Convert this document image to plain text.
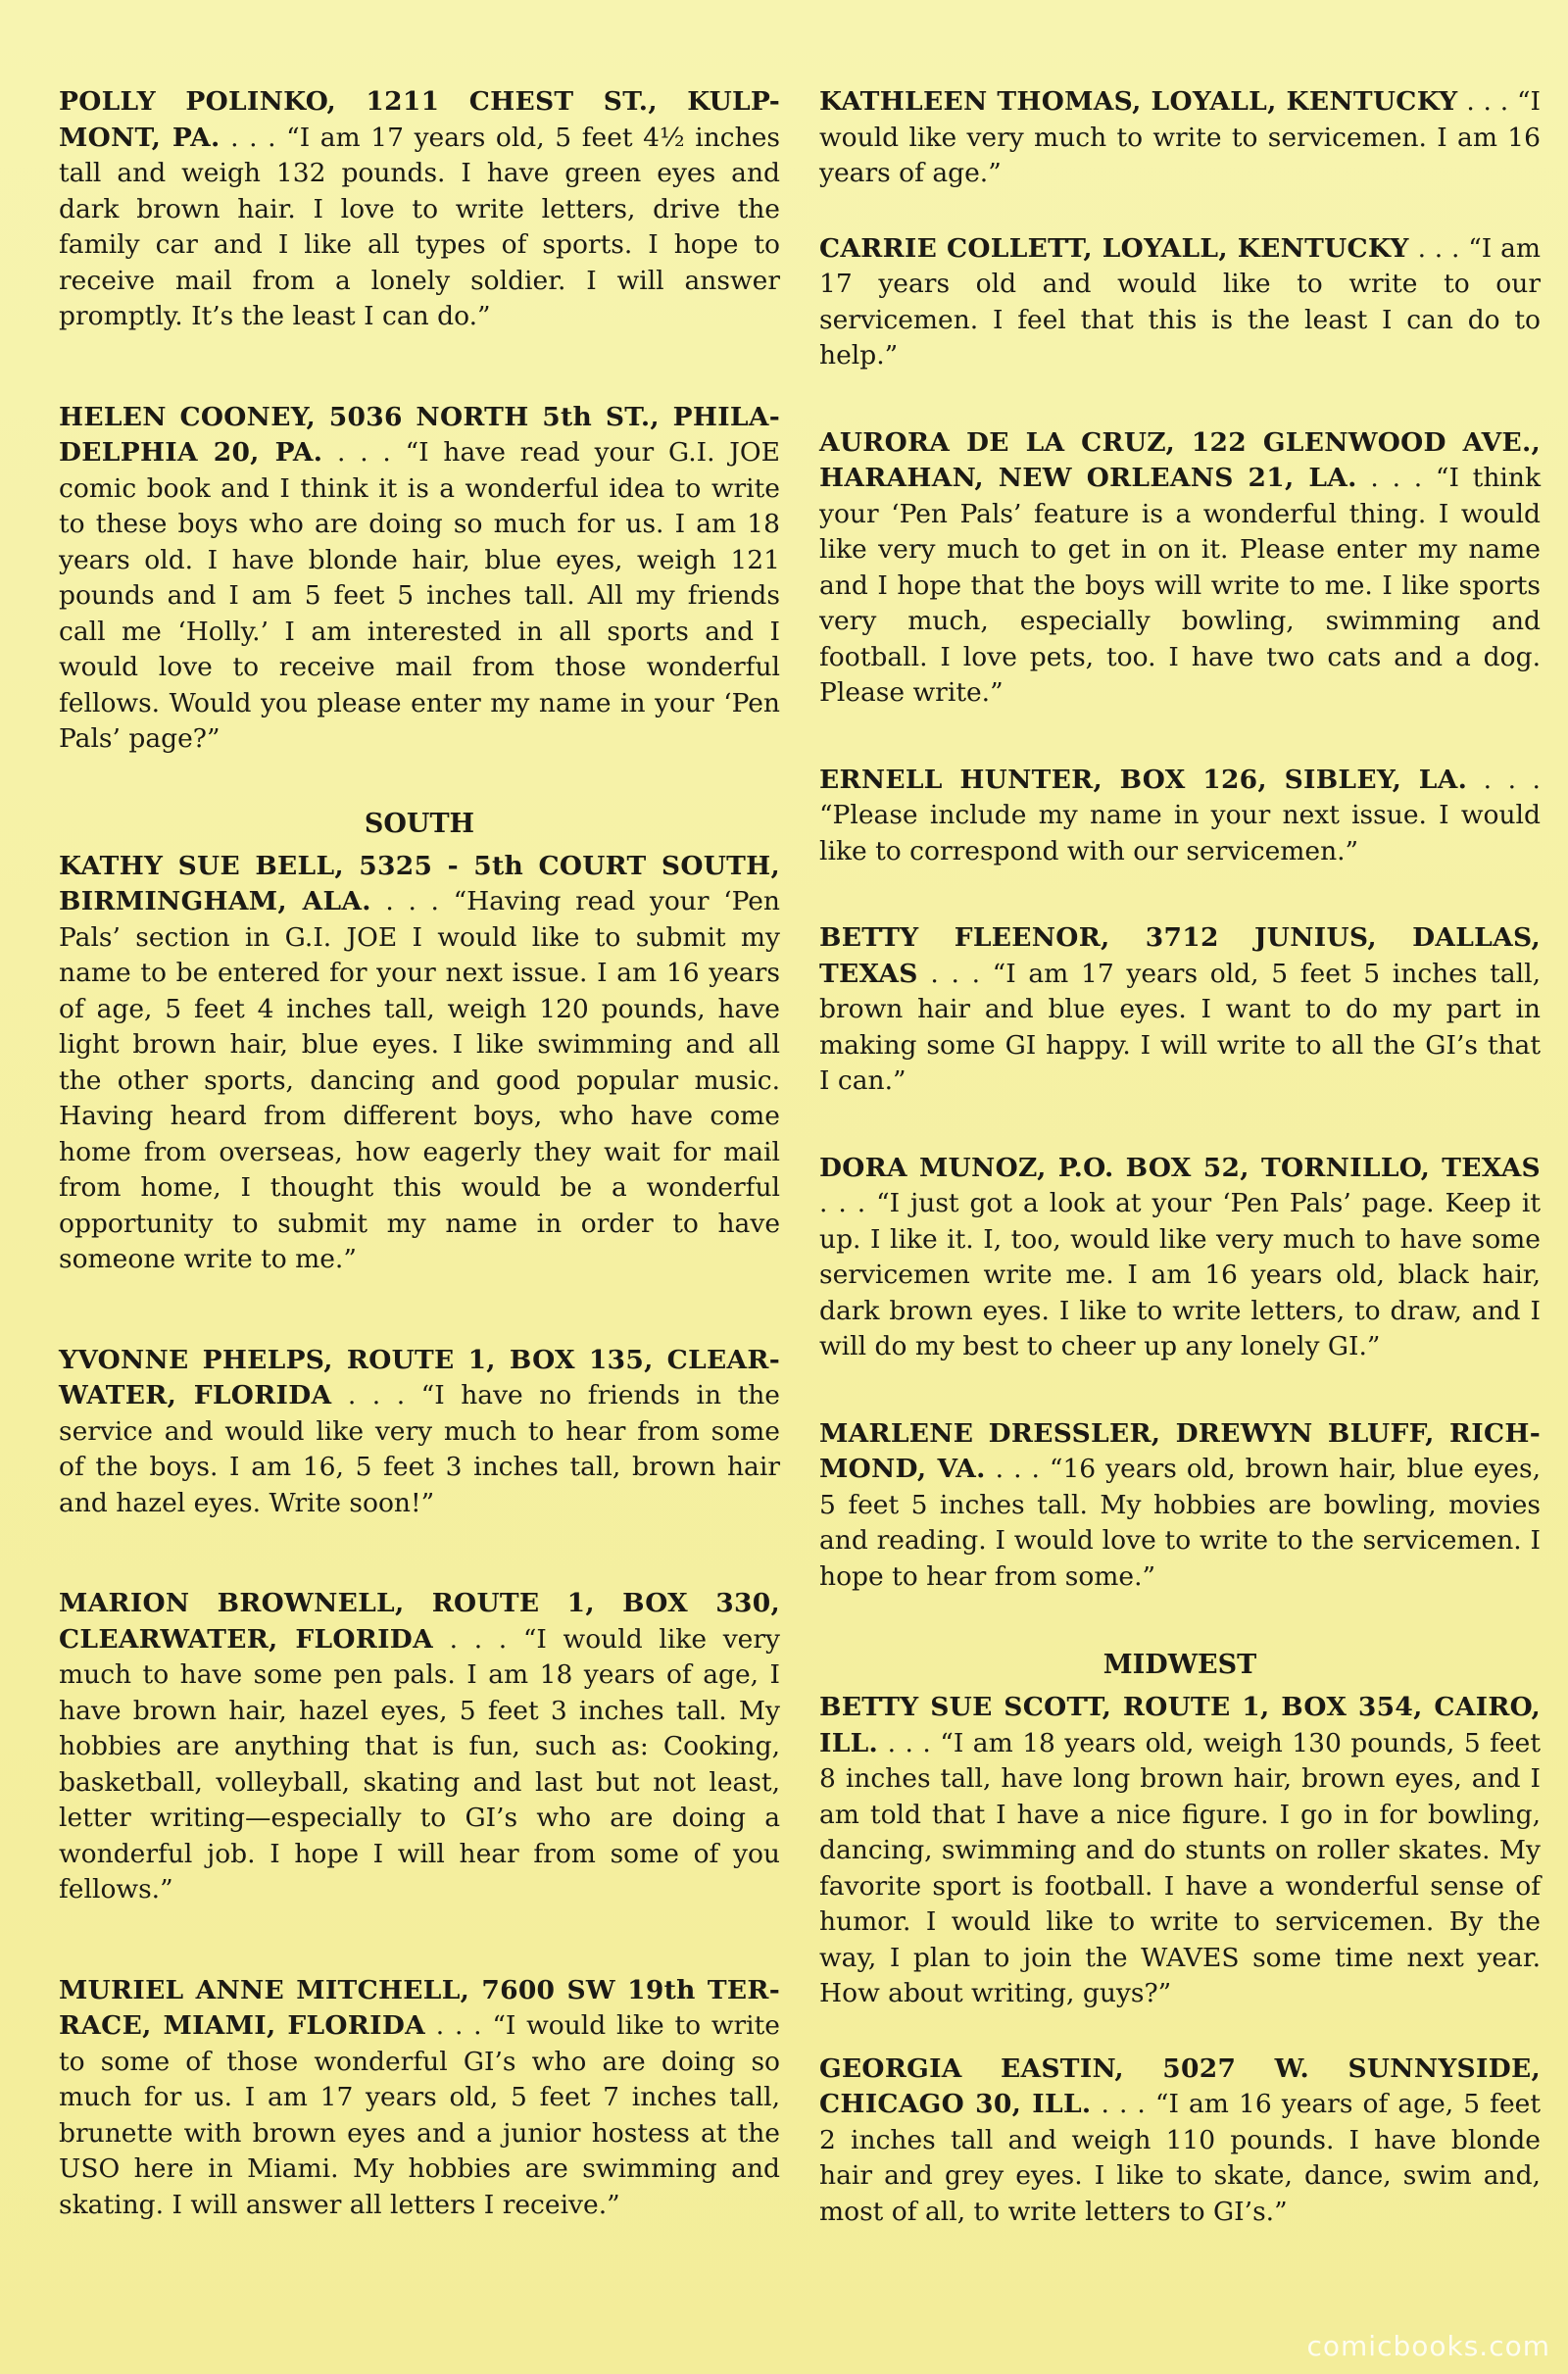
POLLY POLINKO, 1211 CHEST ST., KULP-MONT, PA. . . . “I am 17 years old, 5 feet 4½ inches tall and weigh 132 pounds. I have green eyes and dark brown hair. I love to write letters, drive the family car and I like all types of sports. I hope to receive mail from a lonely soldier. I will answer promptly. It’s the least I can do.”

HELEN COONEY, 5036 NORTH 5th ST., PHILA-DELPHIA 20, PA. . . . “I have read your G.I. JOE comic book and I think it is a wonderful idea to write to these boys who are doing so much for us. I am 18 years old. I have blonde hair, blue eyes, weigh 121 pounds and I am 5 feet 5 inches tall. All my friends call me ‘Holly.’ I am interested in all sports and I would love to receive mail from those wonderful fellows. Would you please enter my name in your ‘Pen Pals’ page?”

SOUTH

KATHY SUE BELL, 5325 - 5th COURT SOUTH, BIRMINGHAM, ALA. . . . “Having read your ‘Pen Pals’ section in G.I. JOE I would like to submit my name to be entered for your next issue. I am 16 years of age, 5 feet 4 inches tall, weigh 120 pounds, have light brown hair, blue eyes. I like swimming and all the other sports, dancing and good popular music. Having heard from different boys, who have come home from overseas, how eagerly they wait for mail from home, I thought this would be a wonderful opportunity to submit my name in order to have someone write to me.”

YVONNE PHELPS, ROUTE 1, BOX 135, CLEAR-WATER, FLORIDA . . . “I have no friends in the service and would like very much to hear from some of the boys. I am 16, 5 feet 3 inches tall, brown hair and hazel eyes. Write soon!”

MARION BROWNELL, ROUTE 1, BOX 330, CLEARWATER, FLORIDA . . . “I would like very much to have some pen pals. I am 18 years of age, I have brown hair, hazel eyes, 5 feet 3 inches tall. My hobbies are anything that is fun, such as: Cooking, basketball, volleyball, skating and last but not least, letter writing—especially to GI’s who are doing a wonderful job. I hope I will hear from some of you fellows.”

MURIEL ANNE MITCHELL, 7600 SW 19th TER-RACE, MIAMI, FLORIDA . . . “I would like to write to some of those wonderful GI’s who are doing so much for us. I am 17 years old, 5 feet 7 inches tall, brunette with brown eyes and a junior hostess at the USO here in Miami. My hobbies are swimming and skating. I will answer all letters I receive.”

KATHLEEN THOMAS, LOYALL, KENTUCKY . . . “I would like very much to write to servicemen. I am 16 years of age.”

CARRIE COLLETT, LOYALL, KENTUCKY . . . “I am 17 years old and would like to write to our servicemen. I feel that this is the least I can do to help.”

AURORA DE LA CRUZ, 122 GLENWOOD AVE., HARAHAN, NEW ORLEANS 21, LA. . . . “I think your ‘Pen Pals’ feature is a wonderful thing. I would like very much to get in on it. Please enter my name and I hope that the boys will write to me. I like sports very much, especially bowling, swimming and football. I love pets, too. I have two cats and a dog. Please write.”

ERNELL HUNTER, BOX 126, SIBLEY, LA. . . . “Please include my name in your next issue. I would like to correspond with our servicemen.”

BETTY FLEENOR, 3712 JUNIUS, DALLAS, TEXAS . . . “I am 17 years old, 5 feet 5 inches tall, brown hair and blue eyes. I want to do my part in making some GI happy. I will write to all the GI’s that I can.”

DORA MUNOZ, P.O. BOX 52, TORNILLO, TEXAS . . . “I just got a look at your ‘Pen Pals’ page. Keep it up. I like it. I, too, would like very much to have some servicemen write me. I am 16 years old, black hair, dark brown eyes. I like to write letters, to draw, and I will do my best to cheer up any lonely GI.”

MARLENE DRESSLER, DREWYN BLUFF, RICH-MOND, VA. . . . “16 years old, brown hair, blue eyes, 5 feet 5 inches tall. My hobbies are bowling, movies and reading. I would love to write to the servicemen. I hope to hear from some.”

MIDWEST

BETTY SUE SCOTT, ROUTE 1, BOX 354, CAIRO, ILL. . . . “I am 18 years old, weigh 130 pounds, 5 feet 8 inches tall, have long brown hair, brown eyes, and I am told that I have a nice figure. I go in for bowling, dancing, swimming and do stunts on roller skates. My favorite sport is football. I have a wonderful sense of humor. I would like to write to servicemen. By the way, I plan to join the WAVES some time next year. How about writing, guys?”

GEORGIA EASTIN, 5027 W. SUNNYSIDE, CHICAGO 30, ILL. . . . “I am 16 years of age, 5 feet 2 inches tall and weigh 110 pounds. I have blonde hair and grey eyes. I like to skate, dance, swim and, most of all, to write letters to GI’s.”

comicbooks.com
